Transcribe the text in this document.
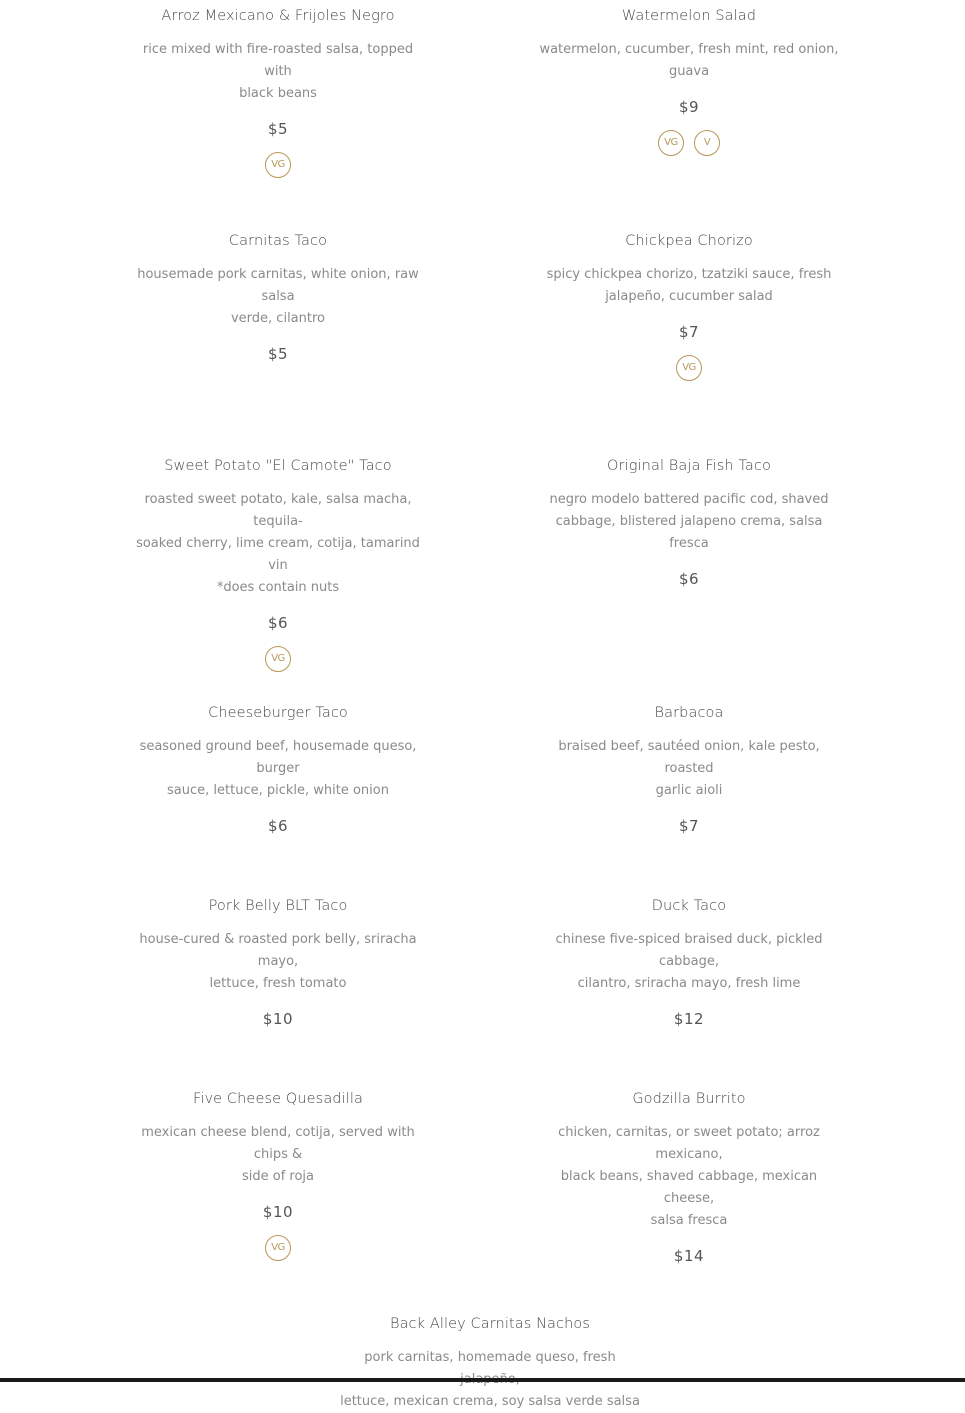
Arroz Mexicano & Frijoles Negro
rice mixed with fire-roasted salsa, topped with
black beans
$5
VG
Watermelon Salad
watermelon, cucumber, fresh mint, red onion,
guava
$9
VG	V
Carnitas Taco
housemade pork carnitas, white onion, raw salsa
verde, cilantro
$5
Chickpea Chorizo
spicy chickpea chorizo, tzatziki sauce, fresh
jalapeño, cucumber salad
$7
VG
Sweet Potato "El Camote" Taco
roasted sweet potato, kale, salsa macha, tequila-
soaked cherry, lime cream, cotija, tamarind vin
*does contain nuts
$6
VG
Original Baja Fish Taco
negro modelo battered pacific cod, shaved
cabbage, blistered jalapeno crema, salsa fresca
$6
Cheeseburger Taco
seasoned ground beef, housemade queso, burger
sauce, lettuce, pickle, white onion
$6
Barbacoa
braised beef, sautéed onion, kale pesto, roasted
garlic aioli
$7
Pork Belly BLT Taco
house-cured & roasted pork belly, sriracha mayo,
lettuce, fresh tomato
$10
Duck Taco
chinese five-spiced braised duck, pickled cabbage,
cilantro, sriracha mayo, fresh lime
$12
Five Cheese Quesadilla
mexican cheese blend, cotija, served with chips &
side of roja
$10
VG
Godzilla Burrito
chicken, carnitas, or sweet potato; arroz mexicano,
black beans, shaved cabbage, mexican cheese,
salsa fresca
$14
Back Alley Carnitas Nachos
pork carnitas, homemade queso, fresh
lettuce, mexican crema, soy salsa verde salsa
